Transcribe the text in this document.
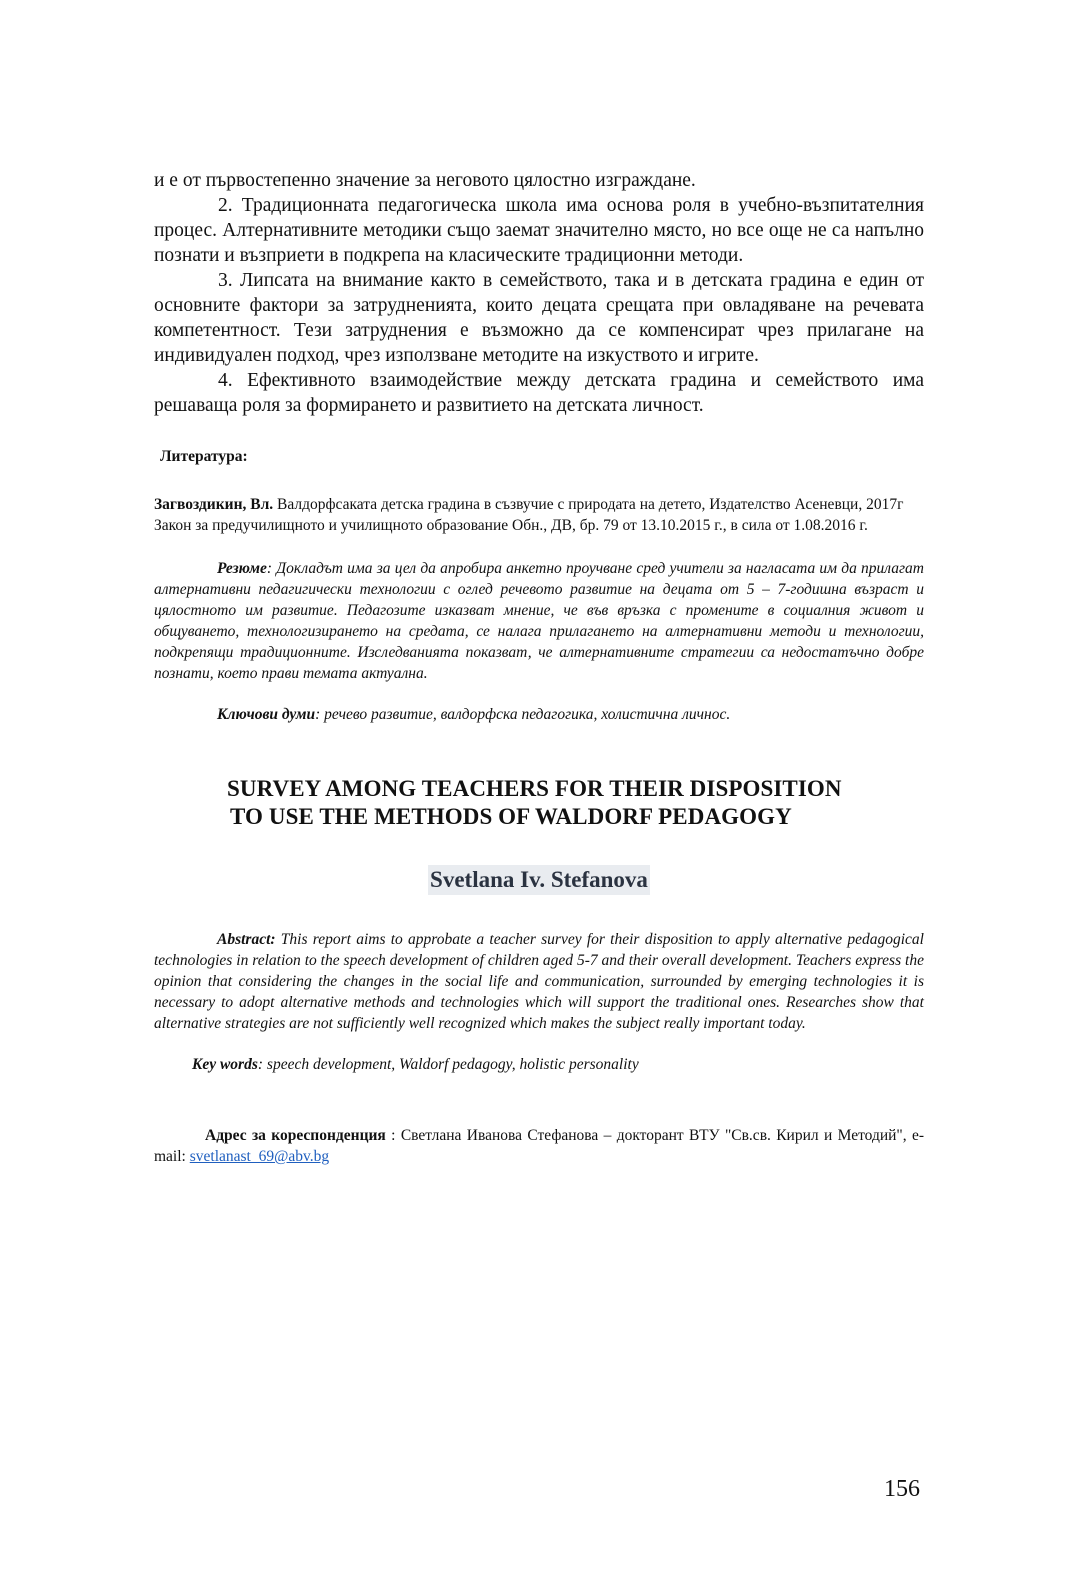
и е от първостепенно значение за неговото цялостно изграждане.

2. Традиционната педагогическа школа има основа роля в учебно-възпитателния процес. Алтернативните методики също заемат значително място, но все още не са напълно познати и възприети в подкрепа на класическите традиционни методи.

3. Липсата на внимание както в семейството, така и в детската градина е един от основните фактори за затрудненията, които децата срещата при овладяване на речевата компетентност. Тези затруднения е възможно да се компенсират чрез прилагане на индивидуален подход, чрез използване методите на изкуството и игрите.

4. Ефективното взаимодействие между детската градина и семейството има решаваща роля за формирането и развитието на детската личност.

Литература:

Загвоздикин, Вл. Валдорфсаката детска градина в съзвучие с природата на детето, Издателство Асеневци, 2017г

Закон за предучилищното и училищното образование Обн., ДВ, бр. 79 от 13.10.2015 г., в сила от 1.08.2016 г.

Резюме: Докладът има за цел да апробира анкетно проучване сред учители за нагласата им да прилагат алтернативни педагигически технологии с оглед речевото развитие на децата от 5 – 7-годишна възраст и цялостното им развитие. Педагозите изказват мнение, че във връзка с промените в социалния живот и общуването, технологизирането на средата, се налага прилагането на алтернативни методи и технологии, подкрепящи традиционните. Изследванията показват, че алтернативните стратегии са недостатъчно добре познати, което прави темата актуална.

Ключови думи: речево развитие, валдорфска педагогика, холистична личнос.

SURVEY AMONG TEACHERS FOR THEIR DISPOSITION
TO USE THE METHODS OF WALDORF PEDAGOGY
Svetlana Iv. Stefanova

Abstract: This report aims to approbate a teacher survey for their disposition to apply alternative pedagogical technologies in relation to the speech development of children aged 5-7 and their overall development. Teachers express the opinion that considering the changes in the social life and communication, surrounded by emerging technologies it is necessary to adopt alternative methods and technologies which will support the traditional ones. Researches show that alternative strategies are not sufficiently well recognized which makes the subject really important today.

Key words: speech development, Waldorf pedagogy, holistic personality

Адрес за кореспонденция : Светлана Иванова Стефанова – докторант ВТУ "Св.св. Кирил и Методий", e-mail: svetlanast_69@abv.bg

156
